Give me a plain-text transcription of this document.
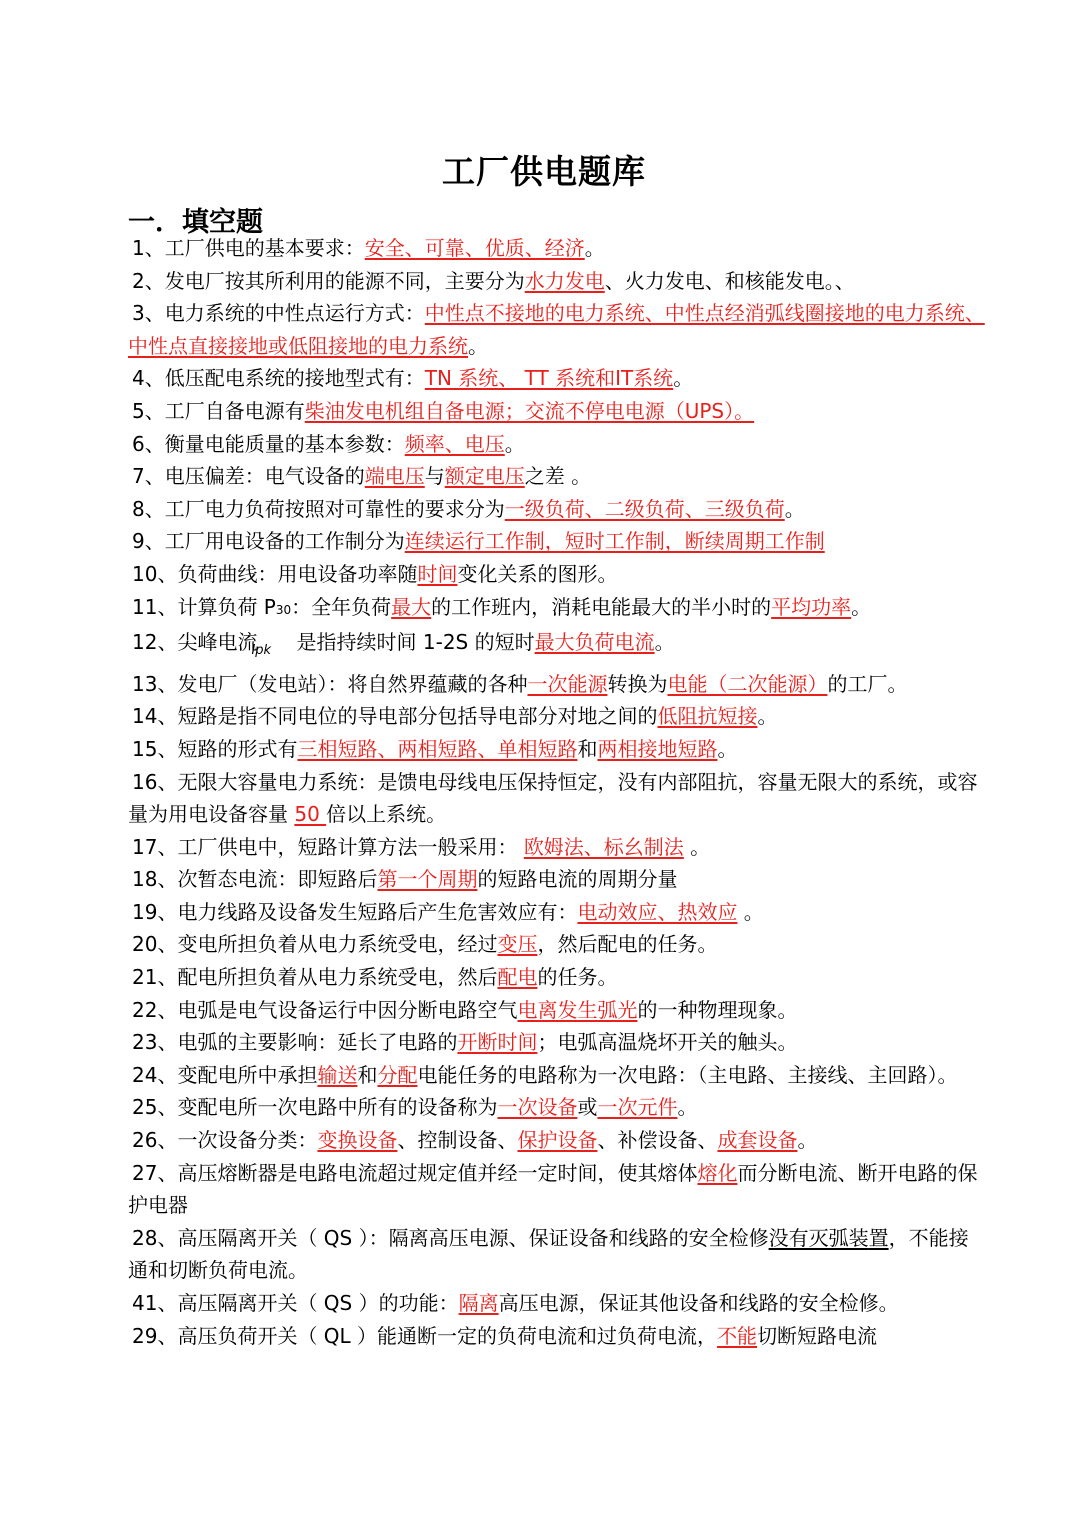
工厂供电题库
一．填空题
1、工厂供电的基本要求：安全、可靠、优质、经济。
2、发电厂按其所利用的能源不同，主要分为水力发电、火力发电、和核能发电。、
3、电力系统的中性点运行方式：中性点不接地的电力系统、中性点经消弧线圈接地的电力系统、中性点直接接地或低阻接地的电力系统。
4、低压配电系统的接地型式有：TN 系统、 TT 系统和IT系统。
5、工厂自备电源有柴油发电机组自备电源；交流不停电电源（UPS）。
6、衡量电能质量的基本参数：频率、电压。
7、电压偏差：电气设备的端电压与额定电压之差 。
8、工厂电力负荷按照对可靠性的要求分为一级负荷、二级负荷、三级负荷。
9、工厂用电设备的工作制分为连续运行工作制，短时工作制，断续周期工作制
10、负荷曲线：用电设备功率随时间变化关系的图形。
11、计算负荷 P30：全年负荷最大的工作班内，消耗电能最大的半小时的平均功率。
12、尖峰电流$_{Ipk}$ 是指持续时间 1-2S 的短时最大负荷电流。
13、发电厂（发电站）：将自然界蕴藏的各种一次能源转换为电能（二次能源）的工厂。
14、短路是指不同电位的导电部分包括导电部分对地之间的低阻抗短接。
15、短路的形式有三相短路、两相短路、单相短路和两相接地短路。
16、无限大容量电力系统：是馈电母线电压保持恒定，没有内部阻抗，容量无限大的系统，或容量为用电设备容量 50 倍以上系统。
17、工厂供电中，短路计算方法一般采用： 欧姆法、标幺制法 。
18、次暂态电流：即短路后第一个周期的短路电流的周期分量
19、电力线路及设备发生短路后产生危害效应有：电动效应、热效应 。
20、变电所担负着从电力系统受电，经过变压，然后配电的任务。
21、配电所担负着从电力系统受电，然后配电的任务。
22、电弧是电气设备运行中因分断电路空气电离发生弧光的一种物理现象。
23、电弧的主要影响：延长了电路的开断时间；电弧高温烧坏开关的触头。
24、变配电所中承担输送和分配电能任务的电路称为一次电路：（主电路、主接线、主回路）。
25、变配电所一次电路中所有的设备称为一次设备或一次元件。
26、一次设备分类：变换设备、控制设备、保护设备、补偿设备、成套设备。
27、高压熔断器是电路电流超过规定值并经一定时间，使其熔体熔化而分断电流、断开电路的保护电器
28、高压隔离开关（ QS ）：隔离高压电源、保证设备和线路的安全检修没有灭弧装置，不能接通和切断负荷电流。
41、高压隔离开关（ QS ）的功能：隔离高压电源，保证其他设备和线路的安全检修。
29、高压负荷开关（ QL ）能通断一定的负荷电流和过负荷电流，不能切断短路电流
